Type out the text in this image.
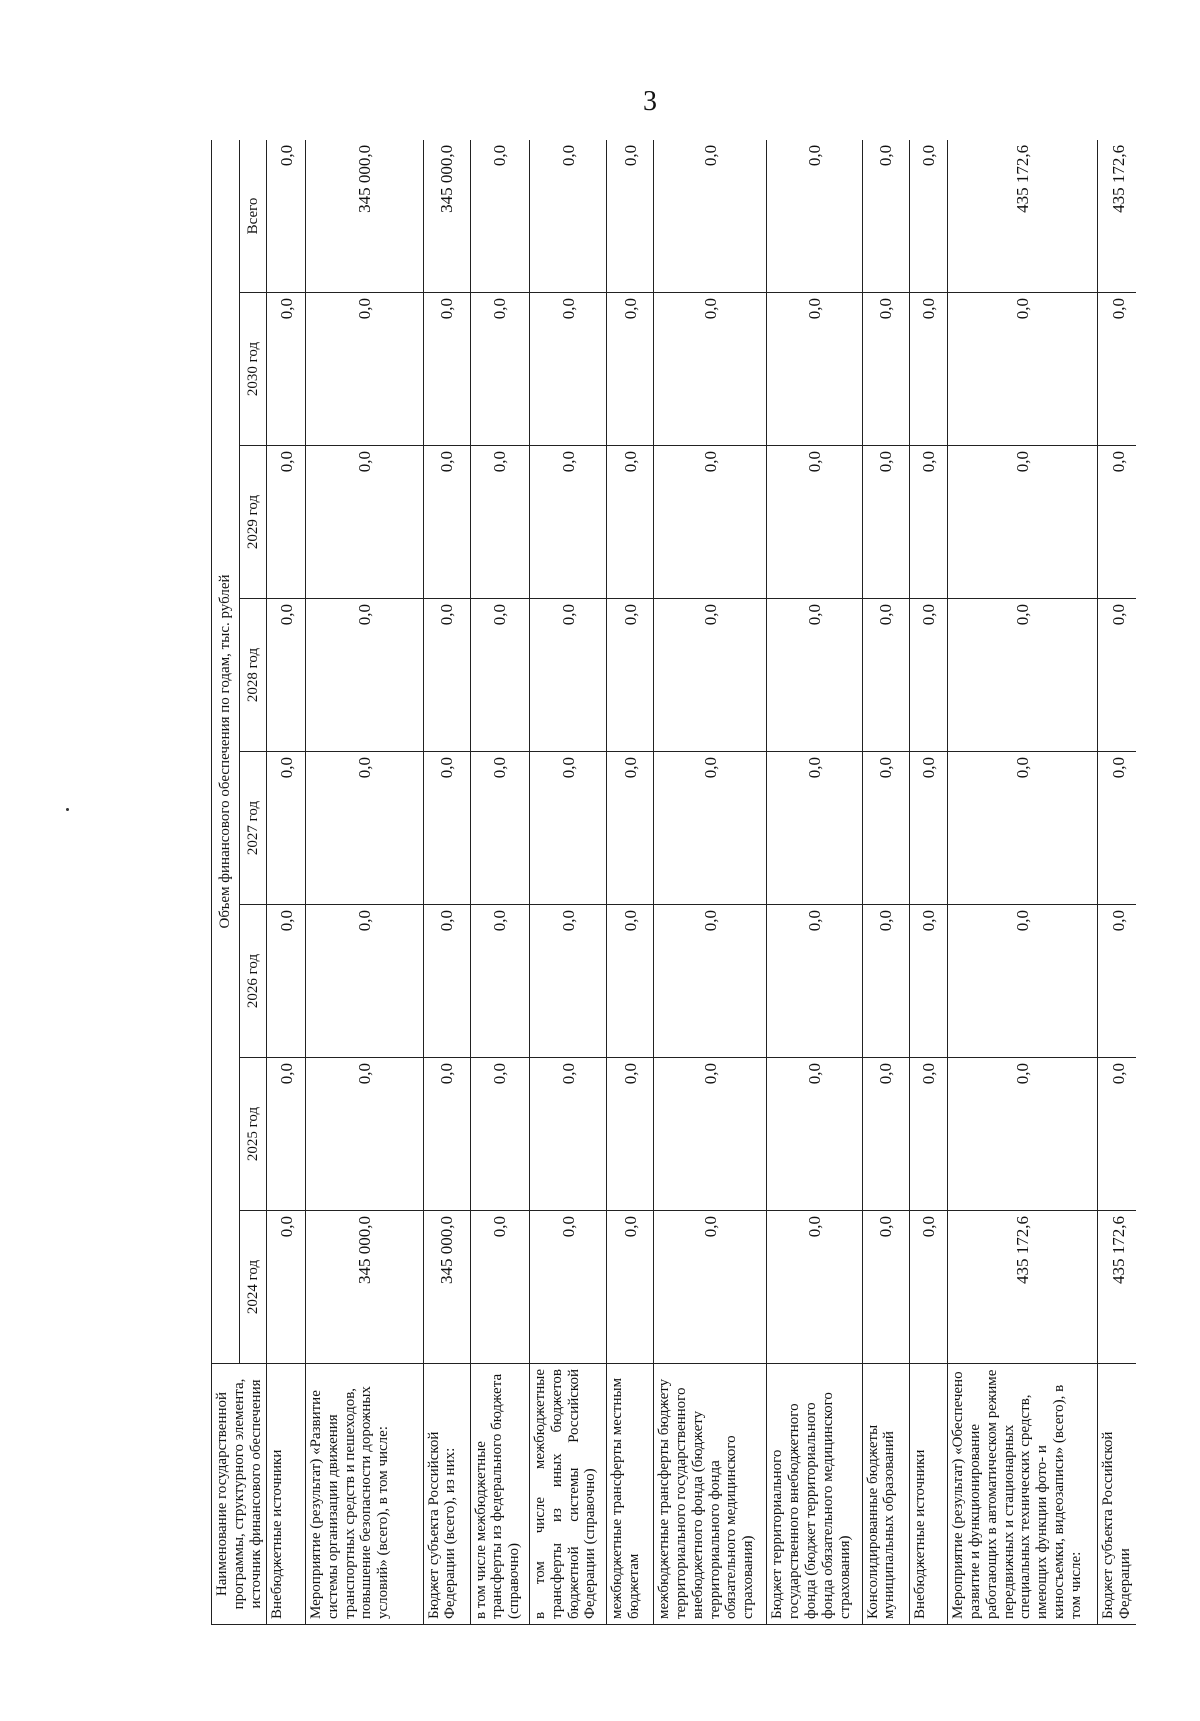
3
Наименование государственной программы, структурного элемента, источник финансового обеспечения	Объем финансового обеспечения по годам, тыс. рублей							
	2024 год	2025 год	2026 год	2027 год	2028 год	2029 год	2030 год	Всего
Внебюджетные источники	0,0	0,0	0,0	0,0	0,0	0,0	0,0	0,0
Мероприятие (результат) «Развитие системы организации движения транспортных средств и пешеходов, повышение безопасности дорожных условий» (всего), в том числе:	345 000,0	0,0	0,0	0,0	0,0	0,0	0,0	345 000,0
Бюджет субъекта Российской Федерации (всего), из них:	345 000,0	0,0	0,0	0,0	0,0	0,0	0,0	345 000,0
в том числе межбюджетные трансферты из федерального бюджета (справочно)	0,0	0,0	0,0	0,0	0,0	0,0	0,0	0,0
в том числе межбюджетные трансферты из иных бюджетов бюджетной системы Российской Федерации (справочно)	0,0	0,0	0,0	0,0	0,0	0,0	0,0	0,0
межбюджетные трансферты местным бюджетам	0,0	0,0	0,0	0,0	0,0	0,0	0,0	0,0
межбюджетные трансферты бюджету территориального государственного внебюджетного фонда (бюджету территориального фонда обязательного медицинского страхования)	0,0	0,0	0,0	0,0	0,0	0,0	0,0	0,0
Бюджет территориального государственного внебюджетного фонда (бюджет территориального фонда обязательного медицинского страхования)	0,0	0,0	0,0	0,0	0,0	0,0	0,0	0,0
Консолидированные бюджеты муниципальных образований	0,0	0,0	0,0	0,0	0,0	0,0	0,0	0,0
Внебюджетные источники	0,0	0,0	0,0	0,0	0,0	0,0	0,0	0,0
Мероприятие (результат) «Обеспечено развитие и функционирование работающих в автоматическом режиме передвижных и стационарных специальных технических средств, имеющих функции фото- и киносъемки, видеозаписи» (всего), в том числе:	435 172,6	0,0	0,0	0,0	0,0	0,0	0,0	435 172,6
Бюджет субъекта Российской Федерации	435 172,6	0,0	0,0	0,0	0,0	0,0	0,0	435 172,6
